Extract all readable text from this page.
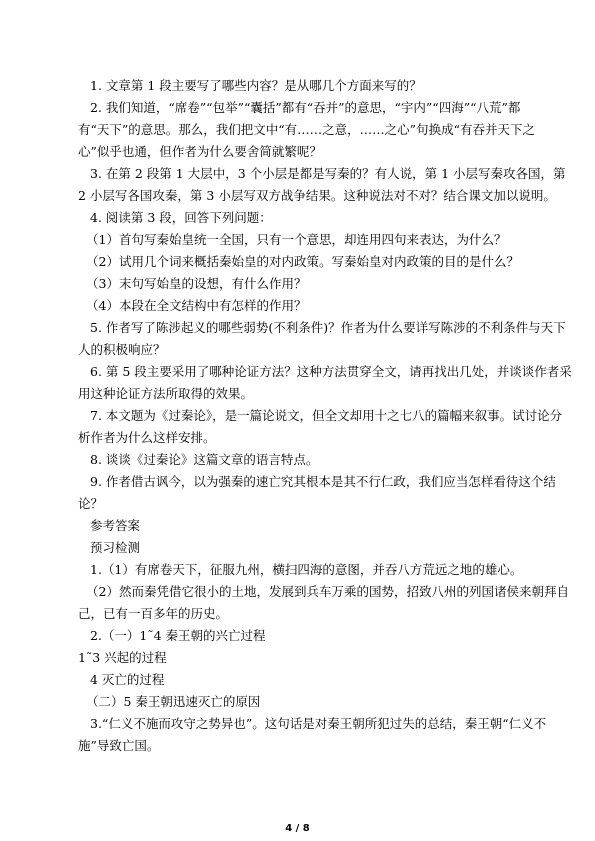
1. 文章第 1 段主要写了哪些内容？是从哪几个方面来写的？
2. 我们知道，“席卷”“包举”“囊括”都有“吞并”的意思，“宇内”“四海”“八荒”都
有“天下”的意思。那么，我们把文中“有……之意，……之心”句换成“有吞并天下之
心”似乎也通，但作者为什么要舍简就繁呢？
3. 在第 2 段第 1 大层中，3 个小层是都是写秦的？有人说，第 1 小层写秦攻各国，第
2 小层写各国攻秦，第 3 小层写双方战争结果。这种说法对不对？结合课文加以说明。
4. 阅读第 3 段，回答下列问题：
（1）首句写秦始皇统一全国，只有一个意思，却连用四句来表达，为什么？
（2）试用几个词来概括秦始皇的对内政策。写秦始皇对内政策的目的是什么？
（3）末句写始皇的设想，有什么作用？
（4）本段在全文结构中有怎样的作用？
5. 作者写了陈涉起义的哪些弱势(不利条件)？作者为什么要详写陈涉的不利条件与天下
人的积极响应？
6. 第 5 段主要采用了哪种论证方法？这种方法贯穿全文，请再找出几处，并谈谈作者采
用这种论证方法所取得的效果。
7. 本文题为《过秦论》，是一篇论说文，但全文却用十之七八的篇幅来叙事。试讨论分
析作者为什么这样安排。
8. 谈谈《过秦论》这篇文章的语言特点。
9. 作者借古讽今，以为强秦的速亡究其根本是其不行仁政，我们应当怎样看待这个结
论？
参考答案
预习检测
1.（1）有席卷天下，征服九州，横扫四海的意图，并吞八方荒远之地的雄心。
（2）然而秦凭借它很小的土地，发展到兵车万乘的国势，招致八州的列国诸侯来朝拜自
己，已有一百多年的历史。
2.（一）1˜4 秦王朝的兴亡过程
1˜3 兴起的过程
4 灭亡的过程
（二）5 秦王朝迅速灭亡的原因
3.“仁义不施而攻守之势异也”。这句话是对秦王朝所犯过失的总结，秦王朝“仁义不
施”导致亡国。
4 / 8
